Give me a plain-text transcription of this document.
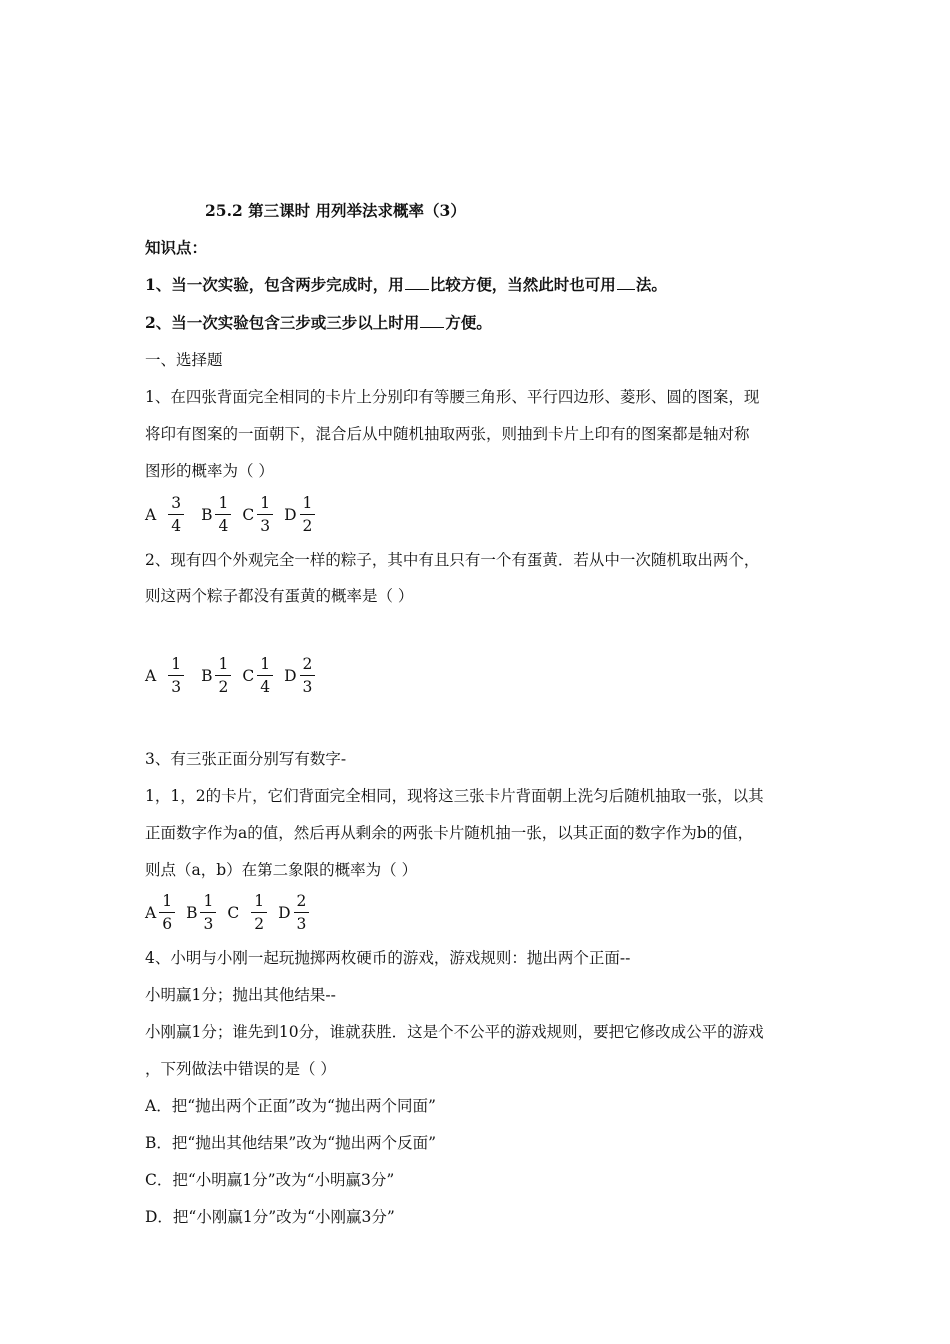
25.2 第三课时 用列举法求概率（3）
知识点：
1、当一次实验，包含两步完成时，用 比较方便，当然此时也可用 法。
2、当一次实验包含三步或三步以上时用 方便。
一、选择题
1、在四张背面完全相同的卡片上分别印有等腰三角形、平行四边形、菱形、圆的图案，现
将印有图案的一面朝下，混合后从中随机抽取两张，则抽到卡片上印有的图案都是轴对称
图形的概率为（ ）
A $\frac{3}{4}$ B $\frac{1}{4}$ C $\frac{1}{3}$ D $\frac{1}{2}$
2、现有四个外观完全一样的粽子，其中有且只有一个有蛋黄．若从中一次随机取出两个，
则这两个粽子都没有蛋黄的概率是（ ）
A $\frac{1}{3}$ B $\frac{1}{2}$ C $\frac{1}{4}$ D $\frac{2}{3}$
3、有三张正面分别写有数字-
1，1，2的卡片，它们背面完全相同，现将这三张卡片背面朝上洗匀后随机抽取一张，以其
正面数字作为a的值，然后再从剩余的两张卡片随机抽一张，以其正面的数字作为b的值，
则点（a，b）在第二象限的概率为（ ）
A $\frac{1}{6}$ B $\frac{1}{3}$ C $\frac{1}{2}$ D $\frac{2}{3}$
4、小明与小刚一起玩抛掷两枚硬币的游戏，游戏规则：抛出两个正面--
小明赢1分；抛出其他结果--
小刚赢1分；谁先到10分，谁就获胜．这是个不公平的游戏规则，要把它修改成公平的游戏
，下列做法中错误的是（ ）
A．把“抛出两个正面”改为“抛出两个同面”
B．把“抛出其他结果”改为“抛出两个反面”
C．把“小明赢1分”改为“小明赢3分”
D．把“小刚赢1分”改为“小刚赢3分”
